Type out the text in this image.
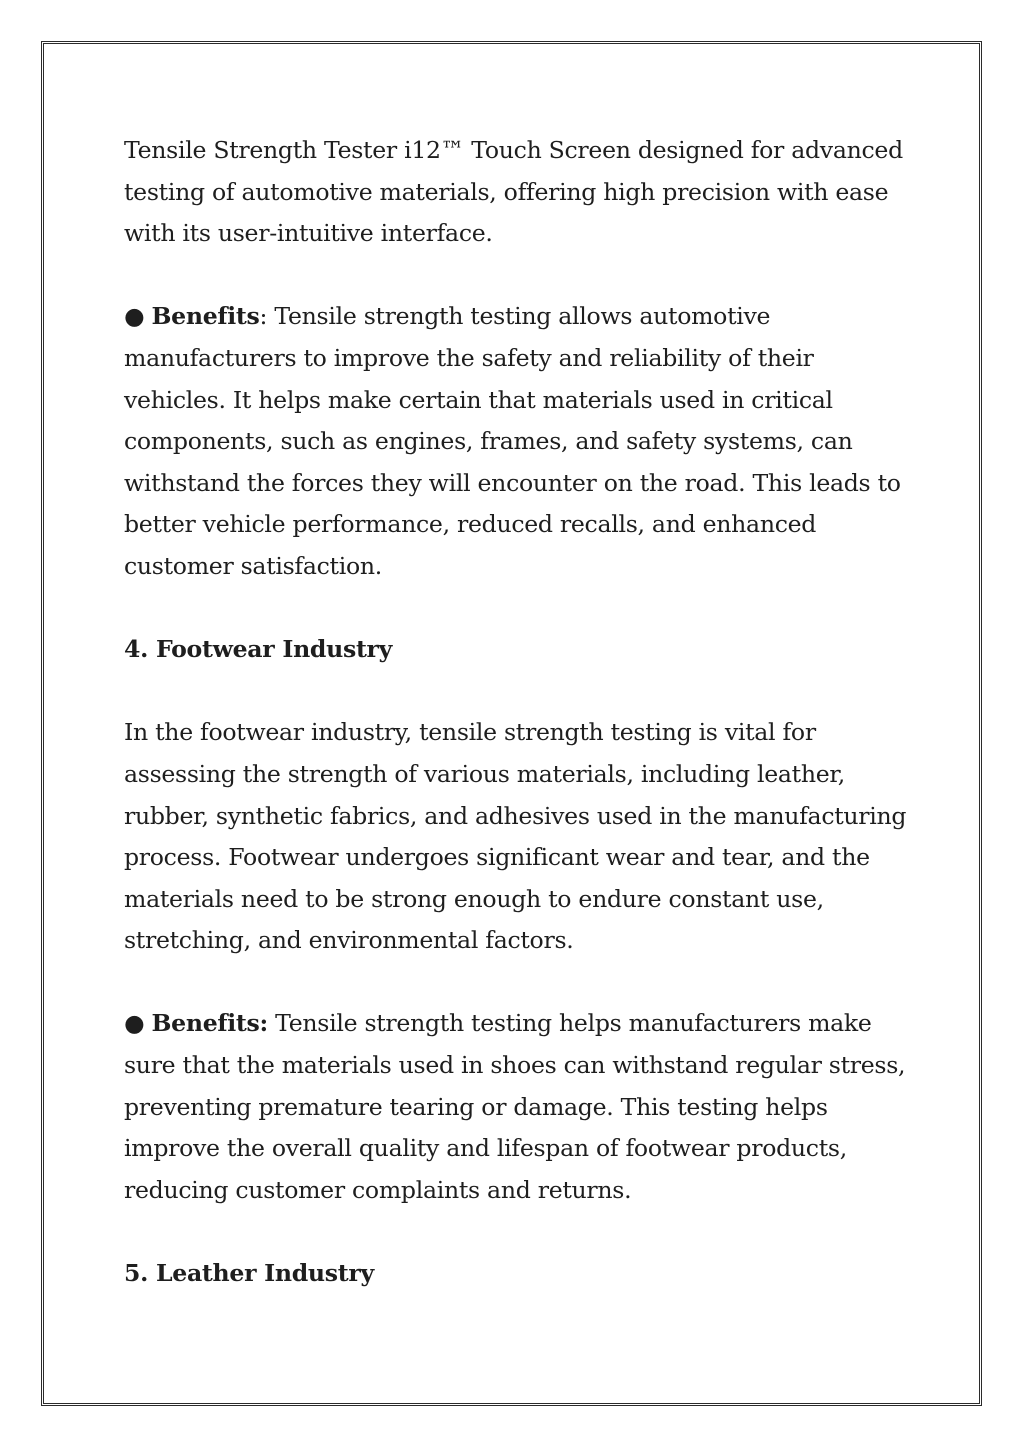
Tensile Strength Tester i12™ Touch Screen designed for advanced testing of automotive materials, offering high precision with ease with its user-intuitive interface.

● Benefits: Tensile strength testing allows automotive manufacturers to improve the safety and reliability of their vehicles. It helps make certain that materials used in critical components, such as engines, frames, and safety systems, can withstand the forces they will encounter on the road. This leads to better vehicle performance, reduced recalls, and enhanced customer satisfaction.

4. Footwear Industry

In the footwear industry, tensile strength testing is vital for assessing the strength of various materials, including leather, rubber, synthetic fabrics, and adhesives used in the manufacturing process. Footwear undergoes significant wear and tear, and the materials need to be strong enough to endure constant use, stretching, and environmental factors.

● Benefits: Tensile strength testing helps manufacturers make sure that the materials used in shoes can withstand regular stress, preventing premature tearing or damage. This testing helps improve the overall quality and lifespan of footwear products, reducing customer complaints and returns.

5. Leather Industry
